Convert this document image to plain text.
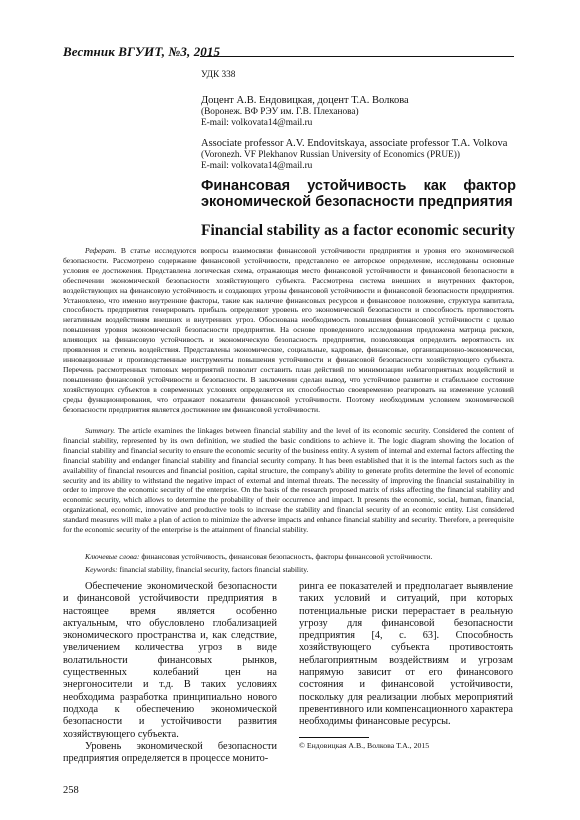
Вестник ВГУИТ, №3, 2015
УДК 338
Доцент А.В. Ендовицкая, доцент Т.А. Волкова
(Воронеж. ВФ РЭУ им. Г.В. Плеханова)
E-mail: volkovata14@mail.ru
Associate professor A.V. Endovitskaya, associate professor T.A. Volkova
(Voronezh. VF Plekhanov Russian University of Economics (PRUE))
E-mail: volkovata14@mail.ru
Финансовая устойчивость как фактор экономической безопасности предприятия
Financial stability as a factor economic security
Реферат. В статье исследуются вопросы взаимосвязи финансовой устойчивости предприятия и уровня его экономической безопасности. Рассмотрено содержание финансовой устойчивости, представлено ее авторское определение, исследованы основные условия ее достижения. Представлена логическая схема, отражающая место финансовой устойчивости и финансовой безопасности в обеспечении экономической безопасности хозяйствующего субъекта. Рассмотрена система внешних и внутренних факторов, воздействующих на финансовую устойчивость и создающих угрозы финансовой устойчивости и финансовой безопасности предприятия. Установлено, что именно внутренние факторы, такие как наличие финансовых ресурсов и финансовое положение, структура капитала, способность предприятия генерировать прибыль определяют уровень его экономической безопасности и способность противостоять негативным воздействиям внешних и внутренних угроз. Обоснована необходимость повышения финансовой устойчивости с целью повышения уровня экономической безопасности предприятия. На основе проведенного исследования предложена матрица рисков, влияющих на финансовую устойчивость и экономическую безопасность предприятия, позволяющая определить вероятность их проявления и степень воздействия. Представлены экономические, социальные, кадровые, финансовые, организационно-экономически, инновационные и производственные инструменты повышения устойчивости и финансовой безопасности хозяйствующего субъекта. Перечень рассмотренных типовых мероприятий позволит составить план действий по минимизации неблагоприятных воздействий и повышению финансовой устойчивости и безопасности. В заключении сделан вывод, что устойчивое развитие и стабильное состояние хозяйствующих субъектов в современных условиях определяется их способностью своевременно реагировать на изменение условий среды функционирования, что отражают показатели финансовой устойчивости. Поэтому необходимым условием экономической безопасности предприятия является достижение им финансовой устойчивости.
Summary. The article examines the linkages between financial stability and the level of its economic security. Considered the content of financial stability, represented by its own definition, we studied the basic conditions to achieve it. The logic diagram showing the location of financial stability and financial security to ensure the economic security of the business entity. A system of internal and external factors affecting the financial stability and endanger financial stability and financial security company. It has been established that it is the internal factors such as the availability of financial resources and financial position, capital structure, the company's ability to generate profits determine the level of economic security and its ability to withstand the negative impact of external and internal threats. The necessity of improving the financial sustainability in order to improve the economic security of the enterprise. On the basis of the research proposed matrix of risks affecting the financial stability and economic security, which allows to determine the probability of their occurrence and impact. It presents the economic, social, human, financial, organizational, economic, innovative and productive tools to increase the stability and financial security of an economic entity. List considered standard measures will make a plan of action to minimize the adverse impacts and enhance financial stability and security. Therefore, a prerequisite for the economic security of the enterprise is the attainment of financial stability.
Ключевые слова: финансовая устойчивость, финансовая безопасность, факторы финансовой устойчивости.
Keywords: financial stability, financial security, factors financial stability.

Обеспечение экономической безопасности и финансовой устойчивости предприятия в настоящее время является особенно актуальным, что обусловлено глобализацией экономического пространства и, как следствие, увеличением количества угроз в виде волатильности финансовых рынков, существенных колебаний цен на энергоносители и т.д. В таких условиях необходима разработка принципиально нового подхода к обеспечению экономической безопасности и устойчивости развития хозяйствующего субъекта.

Уровень экономической безопасности предприятия определяется в процессе монито-

ринга ее показателей и предполагает выявление таких условий и ситуаций, при которых потенциальные риски перерастает в реальную угрозу для финансовой безопасности предприятия [4, с. 63]. Способность хозяйствующего субъекта противостоять неблагоприятным воздействиям и угрозам напрямую зависит от его финансового состояния и финансовой устойчивости, поскольку для реализации любых мероприятий превентивного или компенсационного характера необходимы финансовые ресурсы.

© Ендовицкая А.В., Волкова Т.А., 2015
258
